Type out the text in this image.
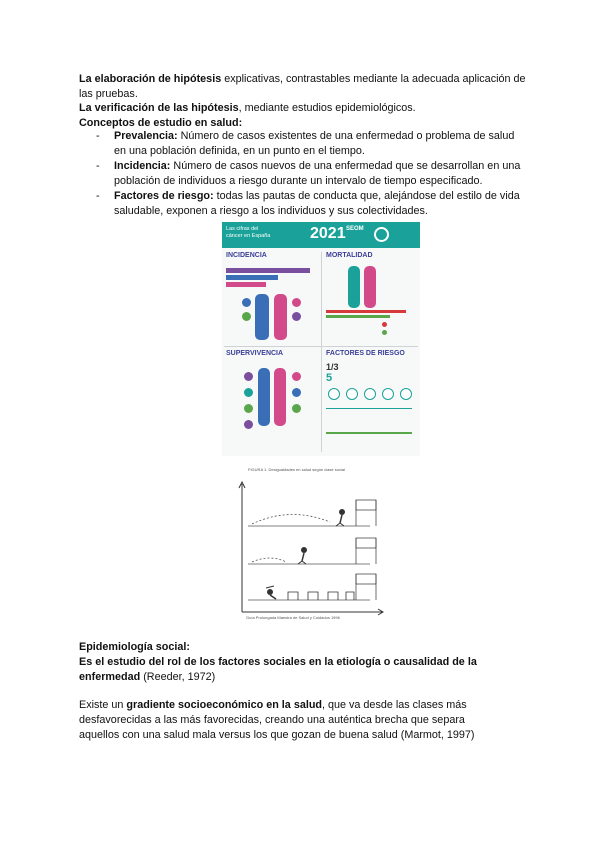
La elaboración de hipótesis explicativas, contrastables mediante la adecuada aplicación de las pruebas.
La verificación de las hipótesis, mediante estudios epidemiológicos.
Conceptos de estudio en salud:
- Prevalencia: Número de casos existentes de una enfermedad o problema de salud en una población definida, en un punto en el tiempo.
- Incidencia: Número de casos nuevos de una enfermedad que se desarrollan en una población de individuos a riesgo durante un intervalo de tiempo especificado.
- Factores de riesgo: todas las pautas de conducta que, alejándose del estilo de vida saludable, exponen a riesgo a los individuos y sus colectividades.
Las cifras del
cáncer en España 2021 SEOM
INCIDENCIA	MORTALIDAD
SUPERVIVENCIA	FACTORES DE RIESGO
1/3
5
FIGURA 1. Desigualdades en salud según clase social
Guía Prolongada Maestra de Salud y Cuidados 1996
Epidemiología social:
Es el estudio del rol de los factores sociales en la etiología o causalidad de la enfermedad (Reeder, 1972)
Existe un gradiente socioeconómico en la salud, que va desde las clases más desfavorecidas a las más favorecidas, creando una auténtica brecha que separa aquellos con una salud mala versus los que gozan de buena salud (Marmot, 1997)
